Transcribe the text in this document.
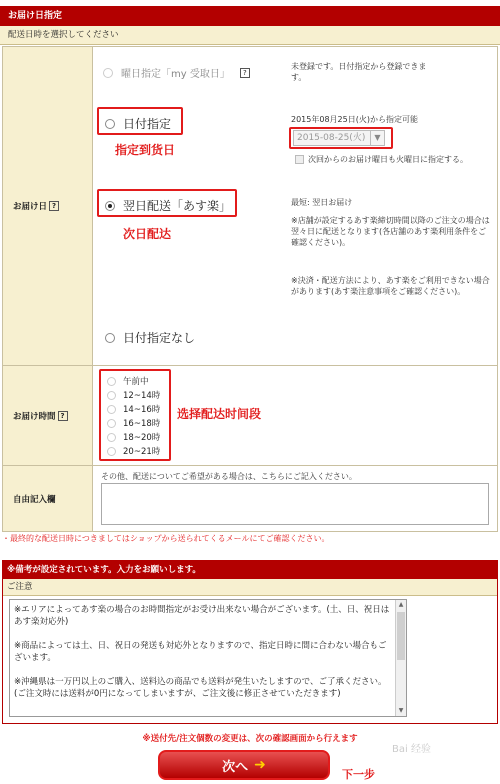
お届け日指定
配送日時を選択してください
お届け日 ?
曜日指定「my 受取日」	?
未登録です。日付指定から登録できます。
日付指定
指定到货日
2015年08月25日(火)から指定可能
2015-08-25(火)	▼
次回からのお届け曜日も火曜日に指定する。
翌日配送「あす楽」
次日配达
最短: 翌日お届け
※店舗が設定するあす楽締切時間以降のご注文の場合は翌々日に配送となります(各店舗のあす楽利用条件をご確認ください)。
※決済・配送方法により、あす楽をご利用できない場合があります(あす楽注意事項をご確認ください)。
日付指定なし
お届け時間 ?
午前中
12~14時
14~16時
16~18時
18~20時
20~21時
选择配达时间段
自由記入欄
その他、配送についてご希望がある場合は、こちらにご記入ください。
・最終的な配送日時につきましてはショップから送られてくるメールにてご確認ください。
※備考が設定されています。入力をお願いします。
ご注意

※エリアによってあす楽の場合のお時間指定がお受け出来ない場合がございます。(土、日、祝日はあす楽対応外)

※商品によっては土、日、祝日の発送も対応外となりますので、指定日時に間に合わない場合もございます。

※沖縄県は一万円以上のご購入、送料込の商品でも送料が発生いたしますので、ご了承ください。(ご注文時には送料が0円になってしまいますが、ご注文後に修正させていただきます)

▲
▼
※送付先/注文個数の変更は、次の確認画面から行えます
Bai 经验
次へ ➜
下一步
